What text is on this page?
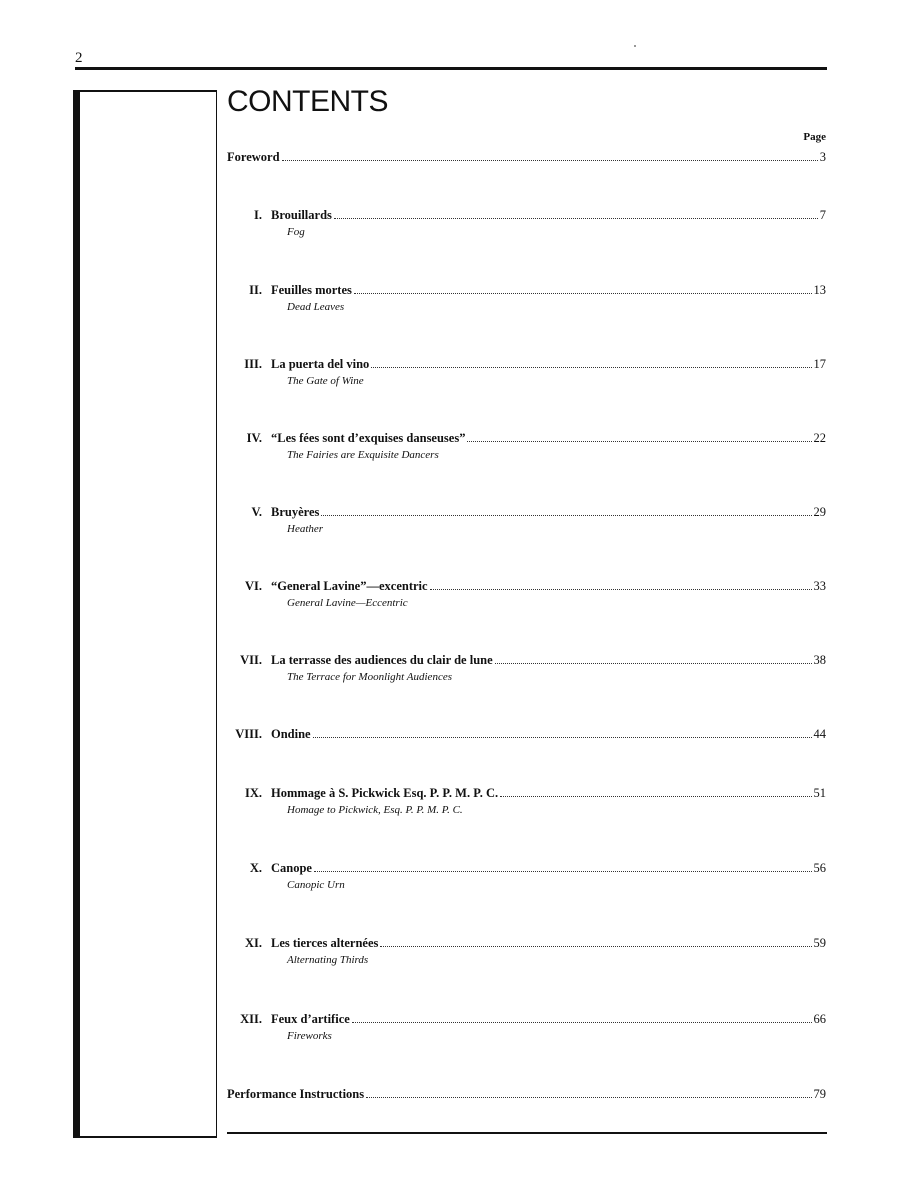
2
CONTENTS
Page
Foreword	3
I. Brouillards	7
Fog
II. Feuilles mortes	13
Dead Leaves
III. La puerta del vino	17
The Gate of Wine
IV. “Les fées sont d’exquises danseuses”	22
The Fairies are Exquisite Dancers
V. Bruyères	29
Heather
VI. “General Lavine”—excentric	33
General Lavine—Eccentric
VII. La terrasse des audiences du clair de lune	38
The Terrace for Moonlight Audiences
VIII. Ondine	44
IX. Hommage à S. Pickwick Esq. P. P. M. P. C.	51
Homage to Pickwick, Esq. P. P. M. P. C.
X. Canope	56
Canopic Urn
XI. Les tierces alternées	59
Alternating Thirds
XII. Feux d’artifice	66
Fireworks
Performance Instructions	79
